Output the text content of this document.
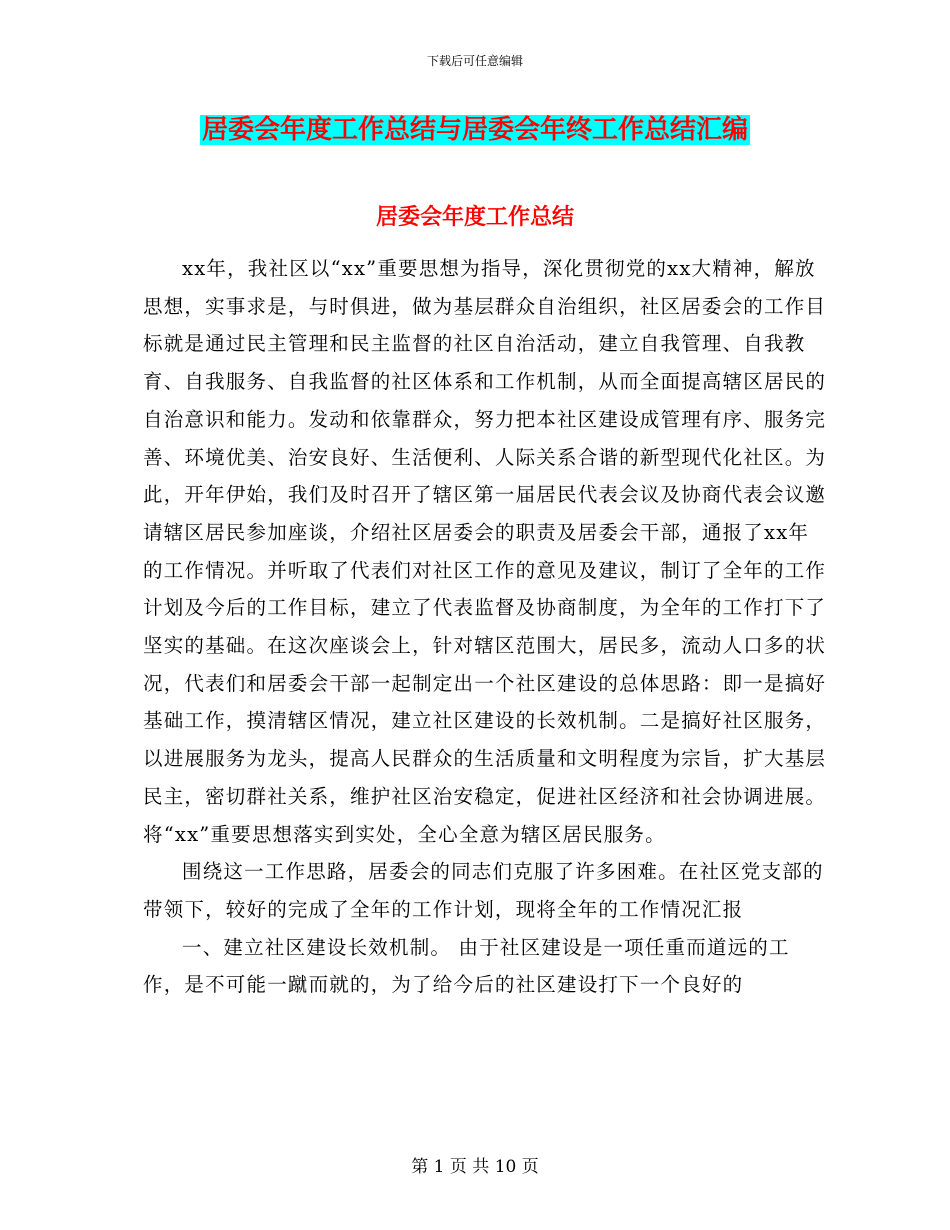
下载后可任意编辑
居委会年度工作总结与居委会年终工作总结汇编
居委会年度工作总结

xx年，我社区以“xx”重要思想为指导，深化贯彻党的xx大精神，解放思想，实事求是，与时俱进，做为基层群众自治组织，社区居委会的工作目标就是通过民主管理和民主监督的社区自治活动，建立自我管理、自我教育、自我服务、自我监督的社区体系和工作机制，从而全面提高辖区居民的自治意识和能力。发动和依靠群众，努力把本社区建设成管理有序、服务完善、环境优美、治安良好、生活便利、人际关系合谐的新型现代化社区。为此，开年伊始，我们及时召开了辖区第一届居民代表会议及协商代表会议邀请辖区居民参加座谈，介绍社区居委会的职责及居委会干部，通报了xx年的工作情况。并听取了代表们对社区工作的意见及建议，制订了全年的工作计划及今后的工作目标，建立了代表监督及协商制度，为全年的工作打下了坚实的基础。在这次座谈会上，针对辖区范围大，居民多，流动人口多的状况，代表们和居委会干部一起制定出一个社区建设的总体思路：即一是搞好基础工作，摸清辖区情况，建立社区建设的长效机制。二是搞好社区服务，以进展服务为龙头，提高人民群众的生活质量和文明程度为宗旨，扩大基层民主，密切群社关系，维护社区治安稳定，促进社区经济和社会协调进展。将“xx”重要思想落实到实处，全心全意为辖区居民服务。

围绕这一工作思路，居委会的同志们克服了许多困难。在社区党支部的带领下，较好的完成了全年的工作计划，现将全年的工作情况汇报

一、建立社区建设长效机制。 由于社区建设是一项任重而道远的工作，是不可能一蹴而就的，为了给今后的社区建设打下一个良好的

第 1 页 共 10 页
